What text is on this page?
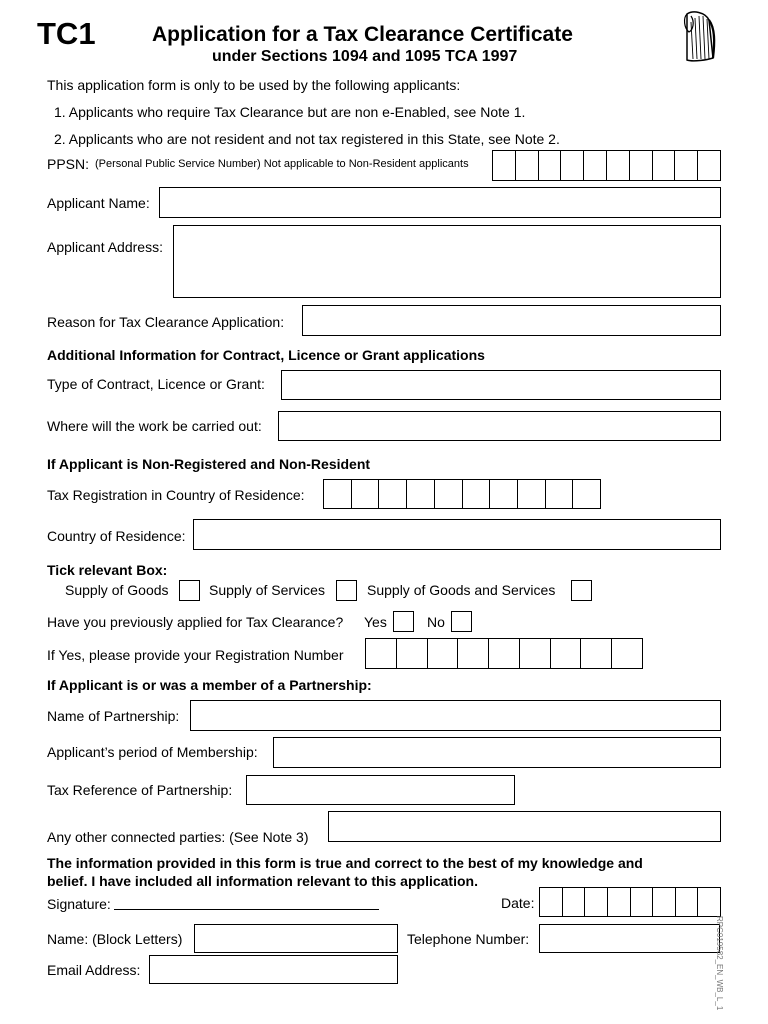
TC1	Application for a Tax Clearance Certificate
under Sections 1094 and 1095 TCA 1997
This application form is only to be used by the following applicants:
1. Applicants who require Tax Clearance but are non e-Enabled, see Note 1.
2. Applicants who are not resident and not tax registered in this State, see Note 2.
PPSN: (Personal Public Service Number) Not applicable to Non-Resident applicants
Applicant Name:
Applicant Address:
Reason for Tax Clearance Application:
Additional Information for Contract, Licence or Grant applications
Type of Contract, Licence or Grant:
Where will the work be carried out:
If Applicant is Non-Registered and Non-Resident
Tax Registration in Country of Residence:
Country of Residence:
Tick relevant Box:
Supply of Goods	Supply of Services	Supply of Goods and Services
Have you previously applied for Tax Clearance? Yes	No
If Yes, please provide your Registration Number
If Applicant is or was a member of a Partnership:
Name of Partnership:
Applicant’s period of Membership:
Tax Reference of Partnership:
Any other connected parties: (See Note 3)
The information provided in this form is true and correct to the best of my knowledge and
belief. I have included all information relevant to this application.
Signature:	Date:
Name: (Block Letters)	Telephone Number:
Email Address:	RPC019582_EN_WB_L_1
